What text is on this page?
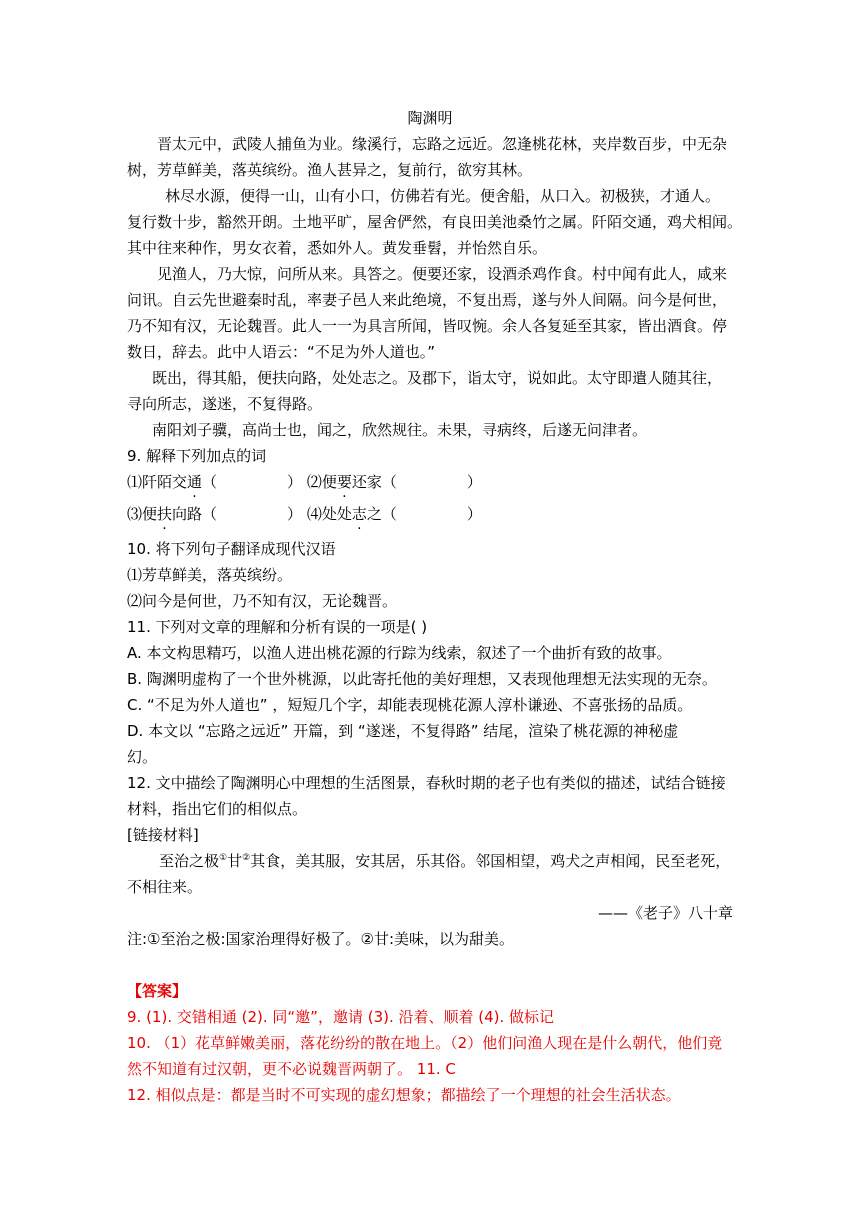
陶渊明
晋太元中，武陵人捕鱼为业。缘溪行，忘路之远近。忽逢桃花林，夹岸数百步，中无杂
树，芳草鲜美，落英缤纷。渔人甚异之，复前行，欲穷其林。
林尽水源，便得一山，山有小口，仿佛若有光。便舍船，从口入。初极狭，才通人。
复行数十步，豁然开朗。土地平旷，屋舍俨然，有良田美池桑竹之属。阡陌交通，鸡犬相闻。
其中往来种作，男女衣着，悉如外人。黄发垂髫，并怡然自乐。
见渔人，乃大惊，问所从来。具答之。便要还家，设酒杀鸡作食。村中闻有此人，咸来
问讯。自云先世避秦时乱，率妻子邑人来此绝境，不复出焉，遂与外人间隔。问今是何世，
乃不知有汉，无论魏晋。此人一一为具言所闻，皆叹惋。余人各复延至其家，皆出酒食。停
数日，辞去。此中人语云：“不足为外人道也。”
既出，得其船，便扶向路，处处志之。及郡下，诣太守，说如此。太守即遣人随其往，
寻向所志，遂迷，不复得路。
南阳刘子骥，高尚士也，闻之，欣然规往。未果，寻病终，后遂无问津者。
9. 解释下列加点的词
⑴阡陌交通（	） ⑵便要还家（	）
⑶便扶向路（	） ⑷处处志之（	）
10. 将下列句子翻译成现代汉语
⑴芳草鲜美，落英缤纷。
⑵问今是何世，乃不知有汉，无论魏晋。
11. 下列对文章的理解和分析有误的一项是( )
A. 本文构思精巧，以渔人进出桃花源的行踪为线索，叙述了一个曲折有致的故事。
B. 陶渊明虚构了一个世外桃源，以此寄托他的美好理想，又表现他理想无法实现的无奈。
C. “不足为外人道也” ，短短几个字，却能表现桃花源人淳朴谦逊、不喜张扬的品质。
D. 本文以 “忘路之远近” 开篇，到 “遂迷，不复得路” 结尾，渲染了桃花源的神秘虚
幻。
12. 文中描绘了陶渊明心中理想的生活图景，春秋时期的老子也有类似的描述，试结合链接
材料，指出它们的相似点。
[链接材料]
至治之极①甘②其食，美其服，安其居，乐其俗。邻国相望，鸡犬之声相闻，民至老死，
不相往来。
——《老子》八十章
注:①至治之极:国家治理得好极了。②甘:美味，以为甜美。
【答案】
9. (1). 交错相通 (2). 同“邀”，邀请 (3). 沿着、顺着 (4). 做标记
10. （1）花草鲜嫩美丽，落花纷纷的散在地上。（2）他们问渔人现在是什么朝代，他们竟
然不知道有过汉朝，更不必说魏晋两朝了。 11. C
12. 相似点是：都是当时不可实现的虚幻想象；都描绘了一个理想的社会生活状态。
